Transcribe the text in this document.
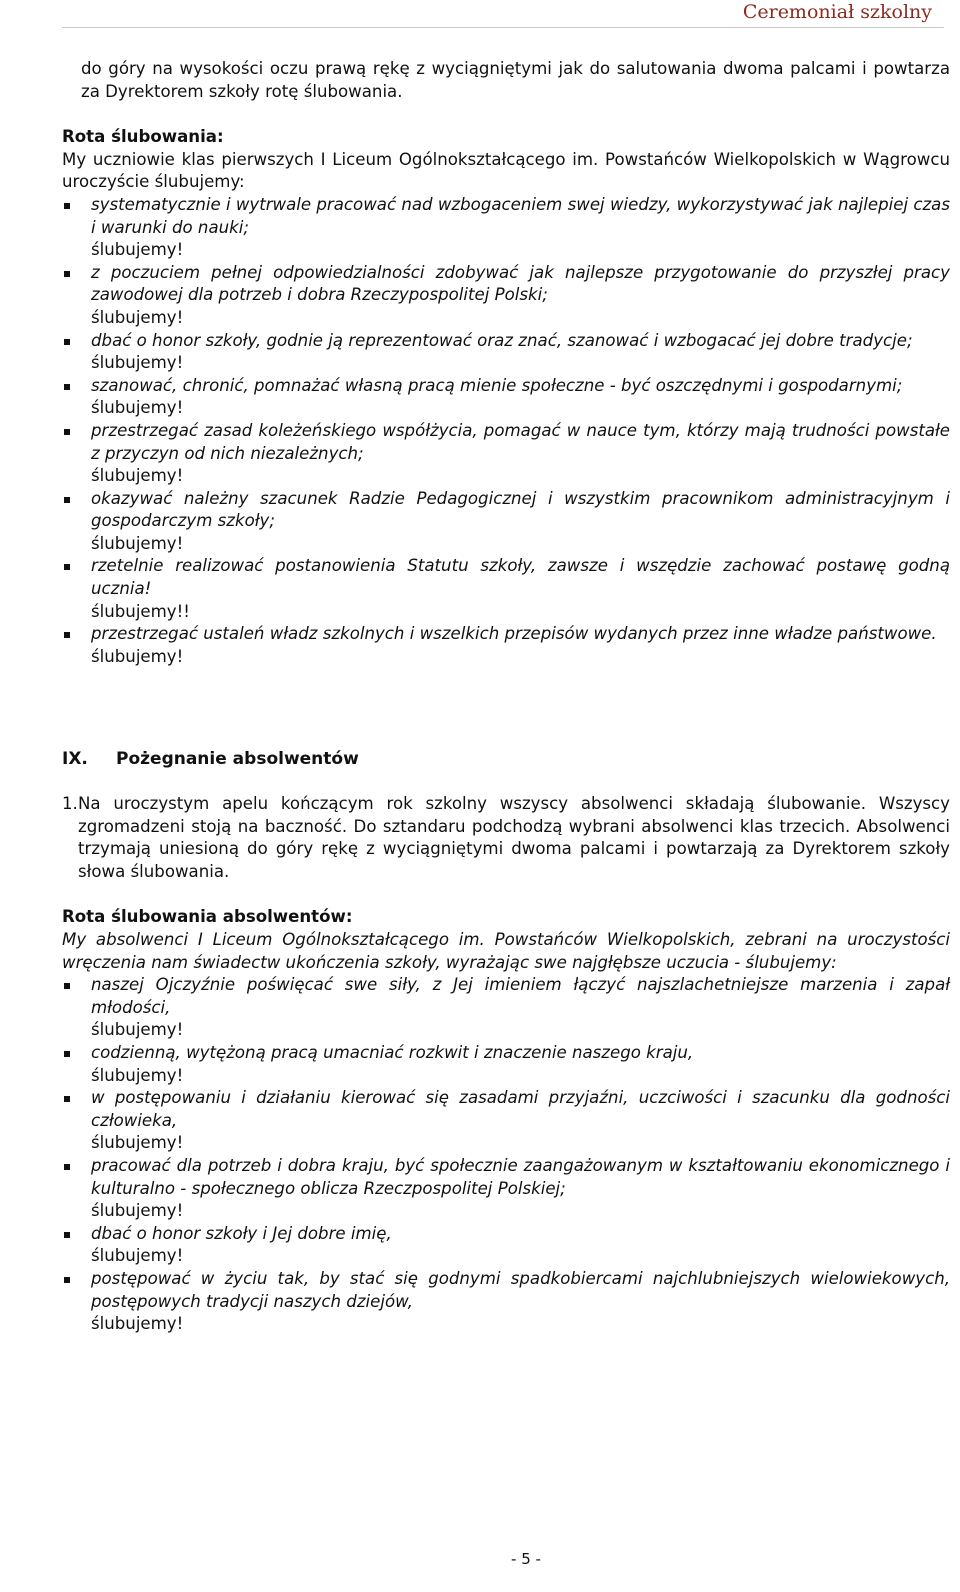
Ceremoniał szkolny

do góry na wysokości oczu prawą rękę z wyciągniętymi jak do salutowania dwoma palcami i powtarza za Dyrektorem szkoły rotę ślubowania.

Rota ślubowania:

My uczniowie klas pierwszych I Liceum Ogólnokształcącego im. Powstańców Wielkopolskich w Wągrowcu uroczyście ślubujemy:

systematycznie i wytrwale pracować nad wzbogaceniem swej wiedzy, wykorzystywać jak najlepiej czas i warunki do nauki;
ślubujemy!
z poczuciem pełnej odpowiedzialności zdobywać jak najlepsze przygotowanie do przyszłej pracy zawodowej dla potrzeb i dobra Rzeczypospolitej Polski;
ślubujemy!
dbać o honor szkoły, godnie ją reprezentować oraz znać, szanować i wzbogacać jej dobre tradycje;
ślubujemy!
szanować, chronić, pomnażać własną pracą mienie społeczne - być oszczędnymi i gospodarnymi;
ślubujemy!
przestrzegać zasad koleżeńskiego współżycia, pomagać w nauce tym, którzy mają trudności powstałe z przyczyn od nich niezależnych;
ślubujemy!
okazywać należny szacunek Radzie Pedagogicznej i wszystkim pracownikom administracyjnym i gospodarczym szkoły;
ślubujemy!
rzetelnie realizować postanowienia Statutu szkoły, zawsze i wszędzie zachować postawę godną ucznia!
ślubujemy!!
przestrzegać ustaleń władz szkolnych i wszelkich przepisów wydanych przez inne władze państwowe.
ślubujemy!
IX.	Pożegnanie absolwentów
1. Na uroczystym apelu kończącym rok szkolny wszyscy absolwenci składają ślubowanie. Wszyscy zgromadzeni stoją na baczność. Do sztandaru podchodzą wybrani absolwenci klas trzecich. Absolwenci trzymają uniesioną do góry rękę z wyciągniętymi dwoma palcami i powtarzają za Dyrektorem szkoły słowa ślubowania.

Rota ślubowania absolwentów:

My absolwenci I Liceum Ogólnokształcącego im. Powstańców Wielkopolskich, zebrani na uroczystości wręczenia nam świadectw ukończenia szkoły, wyrażając swe najgłębsze uczucia - ślubujemy:

naszej Ojczyźnie poświęcać swe siły, z Jej imieniem łączyć najszlachetniejsze marzenia i zapał młodości,
ślubujemy!
codzienną, wytężoną pracą umacniać rozkwit i znaczenie naszego kraju,
ślubujemy!
w postępowaniu i działaniu kierować się zasadami przyjaźni, uczciwości i szacunku dla godności człowieka,
ślubujemy!
pracować dla potrzeb i dobra kraju, być społecznie zaangażowanym w kształtowaniu ekonomicznego i kulturalno - społecznego oblicza Rzeczpospolitej Polskiej;
ślubujemy!
dbać o honor szkoły i Jej dobre imię,
ślubujemy!
postępować w życiu tak, by stać się godnymi spadkobiercami najchlubniejszych wielowiekowych, postępowych tradycji naszych dziejów,
ślubujemy!
- 5 -
